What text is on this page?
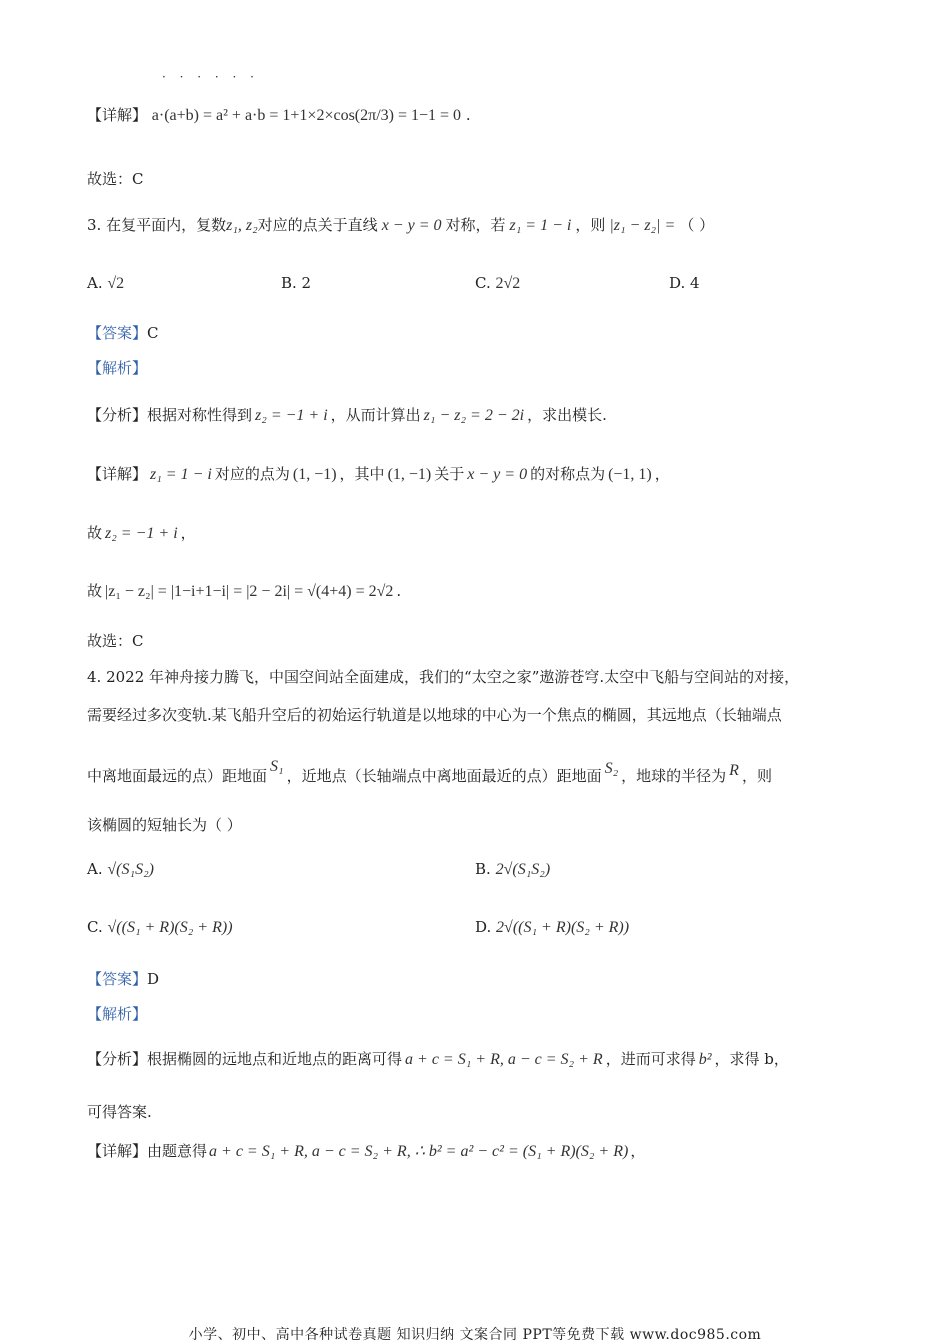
· · · · · ·
【详解】 a·(a+b) = a² + a·b = 1+1×2×cos(2π/3) = 1−1 = 0 .
故选：C
3. 在复平面内，复数z₁, z₂对应的点关于直线 x − y = 0 对称，若 z₁ = 1 − i ，则 |z₁ − z₂| = （ ）
A. √2	B. 2	C. 2√2	D. 4
【答案】C
【解析】
【分析】根据对称性得到 z₂ = −1 + i ，从而计算出 z₁ − z₂ = 2 − 2i ，求出模长.
【详解】 z₁ = 1 − i 对应的点为 (1, −1) ，其中 (1, −1) 关于 x − y = 0 的对称点为 (−1, 1) ，
故 z₂ = −1 + i ，
故 |z₁ − z₂| = |1−i+1−i| = |2 − 2i| = √(4+4) = 2√2 .
故选：C
4. 2022 年神舟接力腾飞，中国空间站全面建成，我们的“太空之家”遨游苍穹.太空中飞船与空间站的对接，
需要经过多次变轨.某飞船升空后的初始运行轨道是以地球的中心为一个焦点的椭圆，其远地点（长轴端点
中离地面最远的点）距地面S₁，近地点（长轴端点中离地面最近的点）距地面 S₂ ，地球的半径为 R ，则
该椭圆的短轴长为（ ）
A. √(S₁S₂)	B. 2√(S₁S₂)
C. √((S₁ + R)(S₂ + R))	D. 2√((S₁ + R)(S₂ + R))
【答案】D
【解析】
【分析】根据椭圆的远地点和近地点的距离可得 a + c = S₁ + R, a − c = S₂ + R ，进而可求得 b² ，求得 b，
可得答案.
【详解】由题意得 a + c = S₁ + R, a − c = S₂ + R, ∴ b² = a² − c² = (S₁ + R)(S₂ + R) ，
小学、初中、高中各种试卷真题 知识归纳 文案合同 PPT等免费下载 www.doc985.com
